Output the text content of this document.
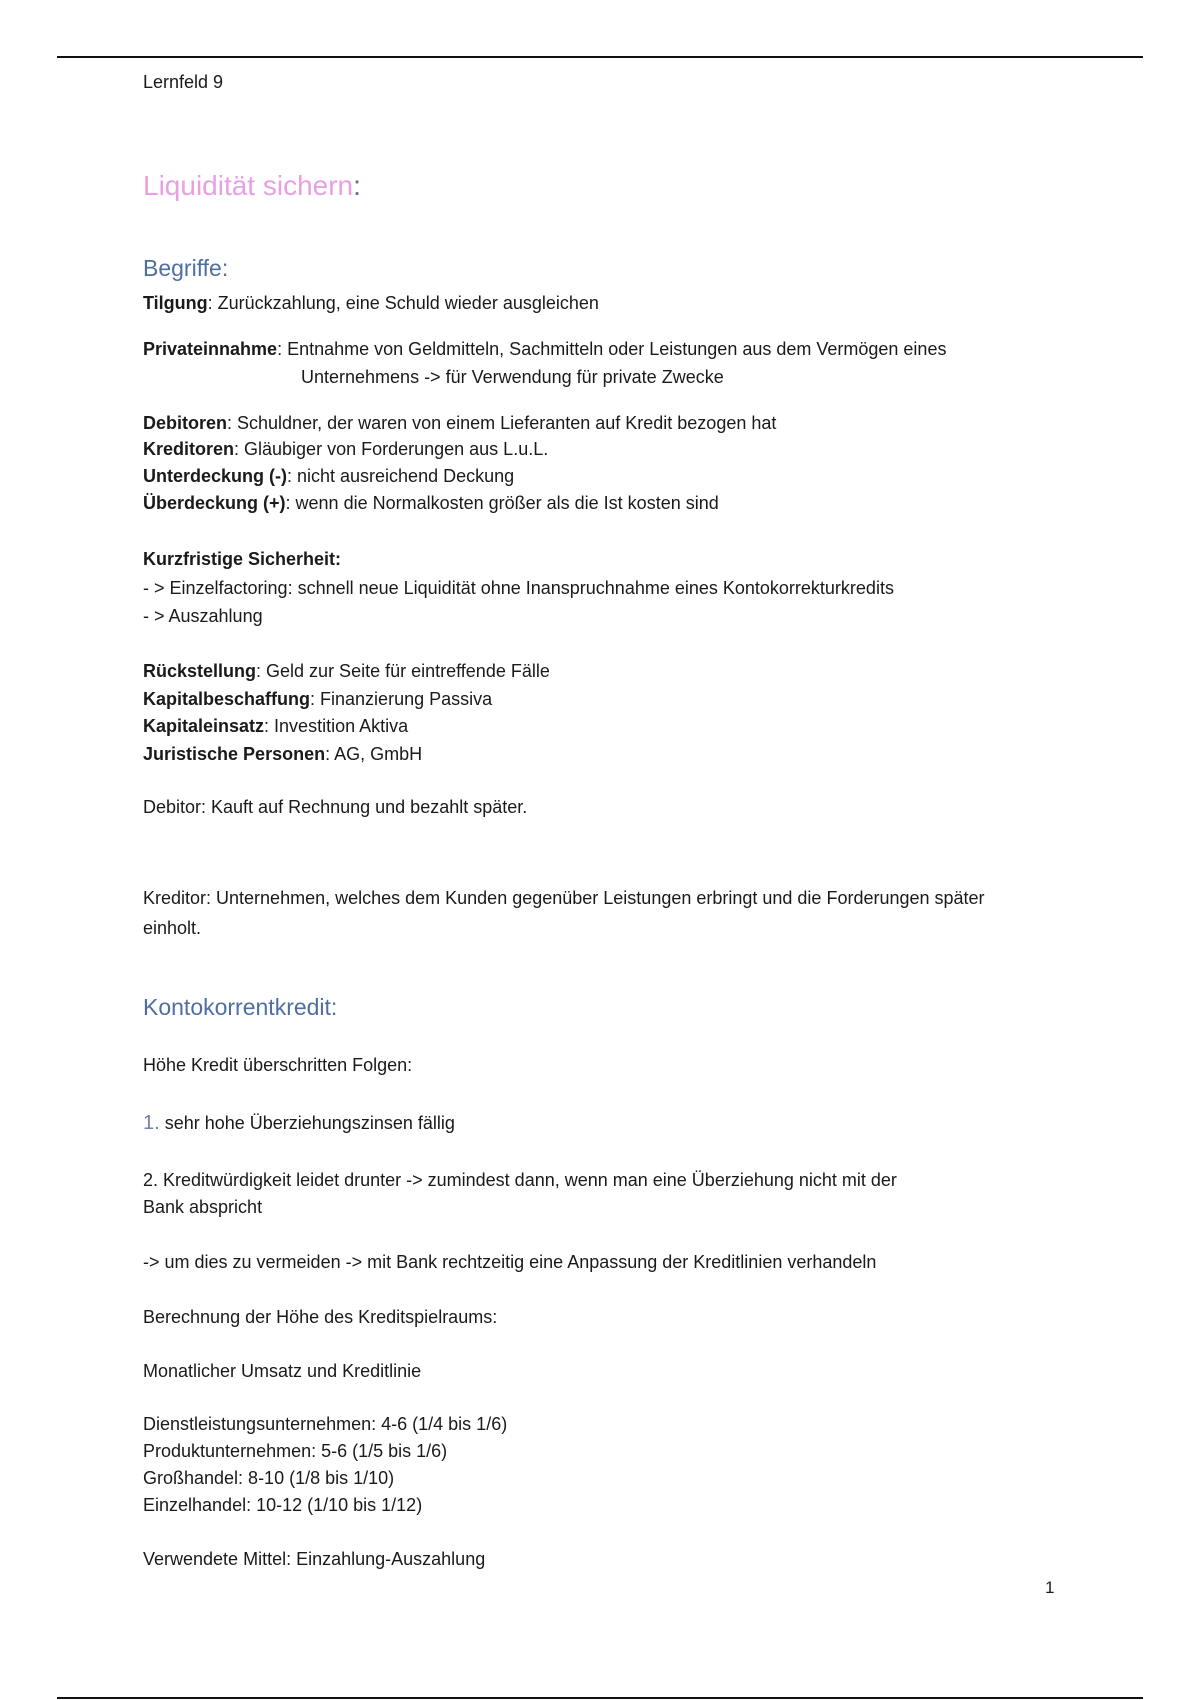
Lernfeld 9
Liquidität sichern:
Begriffe:
Tilgung: Zurückzahlung, eine Schuld wieder ausgleichen
Privateinnahme: Entnahme von Geldmitteln, Sachmitteln oder Leistungen aus dem Vermögen eines
Unternehmens -> für Verwendung für private Zwecke
Debitoren: Schuldner, der waren von einem Lieferanten auf Kredit bezogen hat
Kreditoren: Gläubiger von Forderungen aus L.u.L.
Unterdeckung (-): nicht ausreichend Deckung
Überdeckung (+): wenn die Normalkosten größer als die Ist kosten sind
Kurzfristige Sicherheit:
- > Einzelfactoring: schnell neue Liquidität ohne Inanspruchnahme eines Kontokorrekturkredits
- > Auszahlung
Rückstellung: Geld zur Seite für eintreffende Fälle
Kapitalbeschaffung: Finanzierung Passiva
Kapitaleinsatz: Investition Aktiva
Juristische Personen: AG, GmbH
Debitor: Kauft auf Rechnung und bezahlt später.
Kreditor: Unternehmen, welches dem Kunden gegenüber Leistungen erbringt und die Forderungen später einholt.
Kontokorrentkredit:
Höhe Kredit überschritten Folgen:
1. sehr hohe Überziehungszinsen fällig
2. Kreditwürdigkeit leidet drunter -> zumindest dann, wenn man eine Überziehung nicht mit der
Bank abspricht
-> um dies zu vermeiden -> mit Bank rechtzeitig eine Anpassung der Kreditlinien verhandeln
Berechnung der Höhe des Kreditspielraums:
Monatlicher Umsatz und Kreditlinie
Dienstleistungsunternehmen: 4-6 (1/4 bis 1/6)
Produktunternehmen: 5-6 (1/5 bis 1/6)
Großhandel: 8-10 (1/8 bis 1/10)
Einzelhandel: 10-12 (1/10 bis 1/12)
Verwendete Mittel: Einzahlung-Auszahlung
1
